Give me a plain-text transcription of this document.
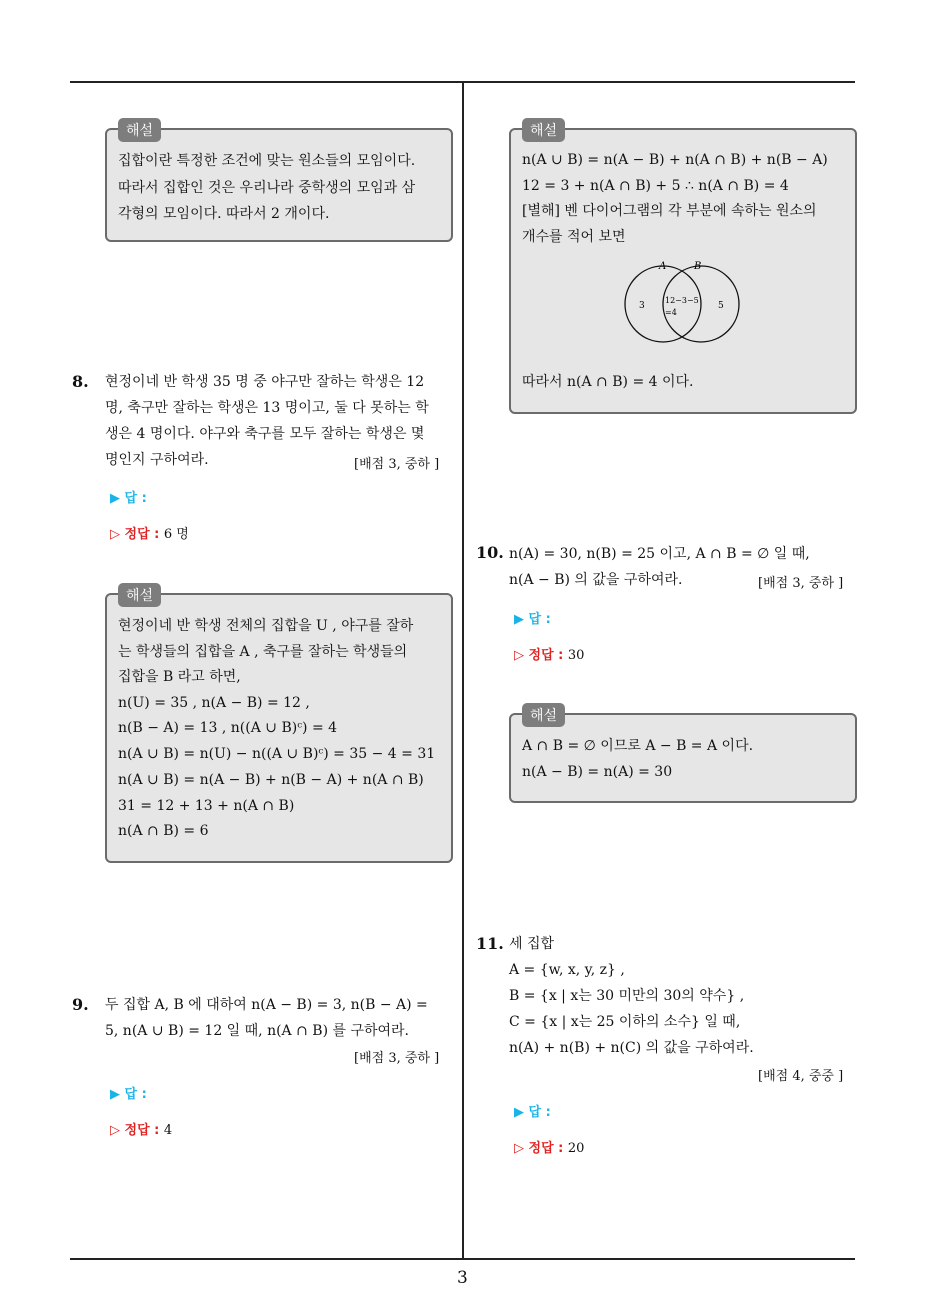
해설
집합이란 특정한 조건에 맞는 원소들의 모임이다.
따라서 집합인 것은 우리나라 중학생의 모임과 삼
각형의 모임이다. 따라서 2 개이다.
8. 현정이네 반 학생 35 명 중 야구만 잘하는 학생은 12
명, 축구만 잘하는 학생은 13 명이고, 둘 다 못하는 학
생은 4 명이다. 야구와 축구를 모두 잘하는 학생은 몇
명인지 구하여라.	[배점 3, 중하 ]
▶ 답 :
▷ 정답 : 6 명
해설
현정이네 반 학생 전체의 집합을 U , 야구를 잘하
는 학생들의 집합을 A , 축구를 잘하는 학생들의
집합을 B 라고 하면,
n(U) = 35 , n(A − B) = 12 ,
n(B − A) = 13 , n((A ∪ B)ᶜ) = 4
n(A ∪ B) = n(U) − n((A ∪ B)ᶜ) = 35 − 4 = 31
n(A ∪ B) = n(A − B) + n(B − A) + n(A ∩ B)
31 = 12 + 13 + n(A ∩ B)
n(A ∩ B) = 6
9. 두 집합 A, B 에 대하여 n(A − B) = 3, n(B − A) =
5, n(A ∪ B) = 12 일 때, n(A ∩ B) 를 구하여라.
[배점 3, 중하 ]
▶ 답 :
▷ 정답 : 4
해설
n(A ∪ B) = n(A − B) + n(A ∩ B) + n(B − A)
12 = 3 + n(A ∩ B) + 5 ∴ n(A ∩ B) = 4
[별해] 벤 다이어그램의 각 부분에 속하는 원소의
개수를 적어 보면
A	B
3
12−3−5
=4
5
따라서 n(A ∩ B) = 4 이다.
10. n(A) = 30, n(B) = 25 이고, A ∩ B = ∅ 일 때,
n(A − B) 의 값을 구하여라.	[배점 3, 중하 ]
▶ 답 :
▷ 정답 : 30
해설
A ∩ B = ∅ 이므로 A − B = A 이다.
n(A − B) = n(A) = 30
11. 세 집합
A = {w, x, y, z} ,
B = {x | x는 30 미만의 30의 약수} ,
C = {x | x는 25 이하의 소수} 일 때,
n(A) + n(B) + n(C) 의 값을 구하여라.
[배점 4, 중중 ]
▶ 답 :
▷ 정답 : 20
3
